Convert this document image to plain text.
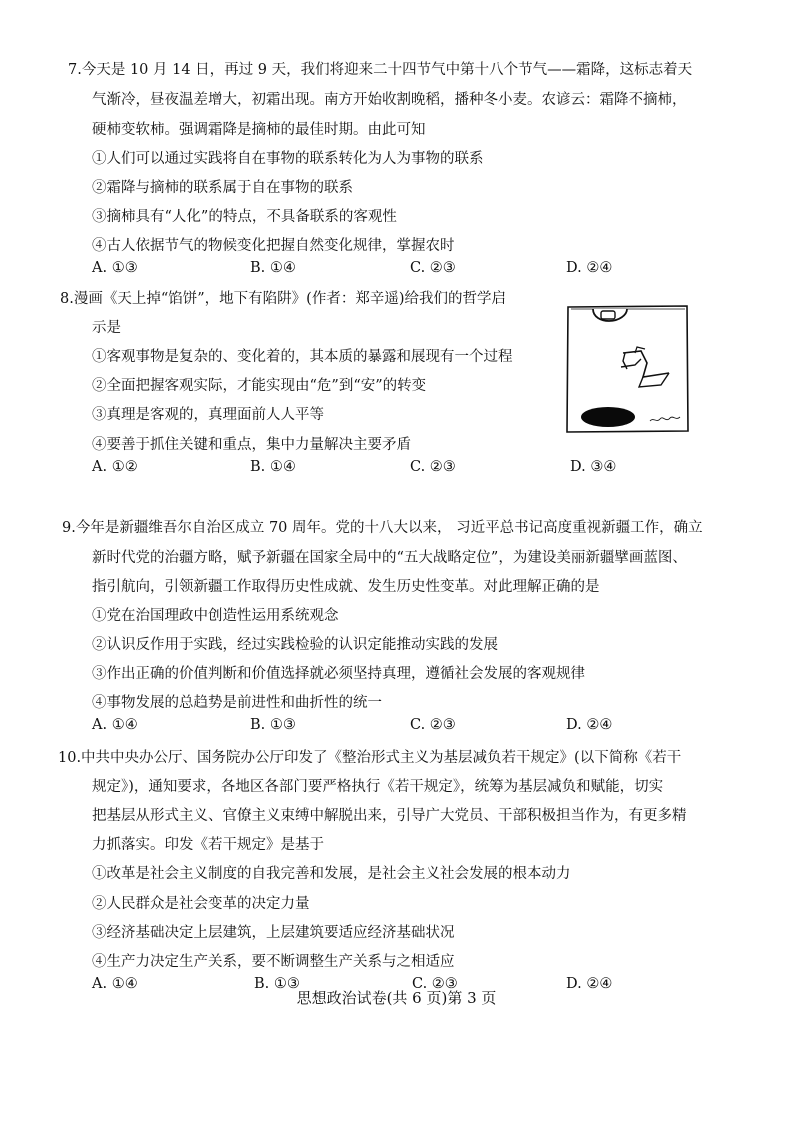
7.今天是 10 月 14 日，再过 9 天，我们将迎来二十四节气中第十八个节气——霜降，这标志着天
气渐冷，昼夜温差增大，初霜出现。南方开始收割晚稻，播种冬小麦。农谚云：霜降不摘柿，
硬柿变软柿。强调霜降是摘柿的最佳时期。由此可知
①人们可以通过实践将自在事物的联系转化为人为事物的联系
②霜降与摘柿的联系属于自在事物的联系
③摘柿具有“人化”的特点，不具备联系的客观性
④古人依据节气的物候变化把握自然变化规律，掌握农时
A. ①③	B. ①④	C. ②③	D. ②④
8.漫画《天上掉“馅饼”，地下有陷阱》(作者：郑辛遥)给我们的哲学启
示是
①客观事物是复杂的、变化着的，其本质的暴露和展现有一个过程
②全面把握客观实际，才能实现由“危”到“安”的转变
③真理是客观的，真理面前人人平等
④要善于抓住关键和重点，集中力量解决主要矛盾
A. ①②	B. ①④	C. ②③	D. ③④
9.今年是新疆维吾尔自治区成立 70 周年。党的十八大以来， 习近平总书记高度重视新疆工作，确立
新时代党的治疆方略，赋予新疆在国家全局中的“五大战略定位”，为建设美丽新疆擘画蓝图、
指引航向，引领新疆工作取得历史性成就、发生历史性变革。对此理解正确的是
①党在治国理政中创造性运用系统观念
②认识反作用于实践，经过实践检验的认识定能推动实践的发展
③作出正确的价值判断和价值选择就必须坚持真理，遵循社会发展的客观规律
④事物发展的总趋势是前进性和曲折性的统一
A. ①④	B. ①③	C. ②③	D. ②④
10.中共中央办公厅、国务院办公厅印发了《整治形式主义为基层减负若干规定》(以下简称《若干
规定》)，通知要求，各地区各部门要严格执行《若干规定》，统筹为基层减负和赋能，切实
把基层从形式主义、官僚主义束缚中解脱出来，引导广大党员、干部积极担当作为，有更多精
力抓落实。印发《若干规定》是基于
①改革是社会主义制度的自我完善和发展，是社会主义社会发展的根本动力
②人民群众是社会变革的决定力量
③经济基础决定上层建筑，上层建筑要适应经济基础状况
④生产力决定生产关系，要不断调整生产关系与之相适应
A. ①④	B. ①③	C. ②③	D. ②④
思想政治试卷(共 6 页)第 3 页
